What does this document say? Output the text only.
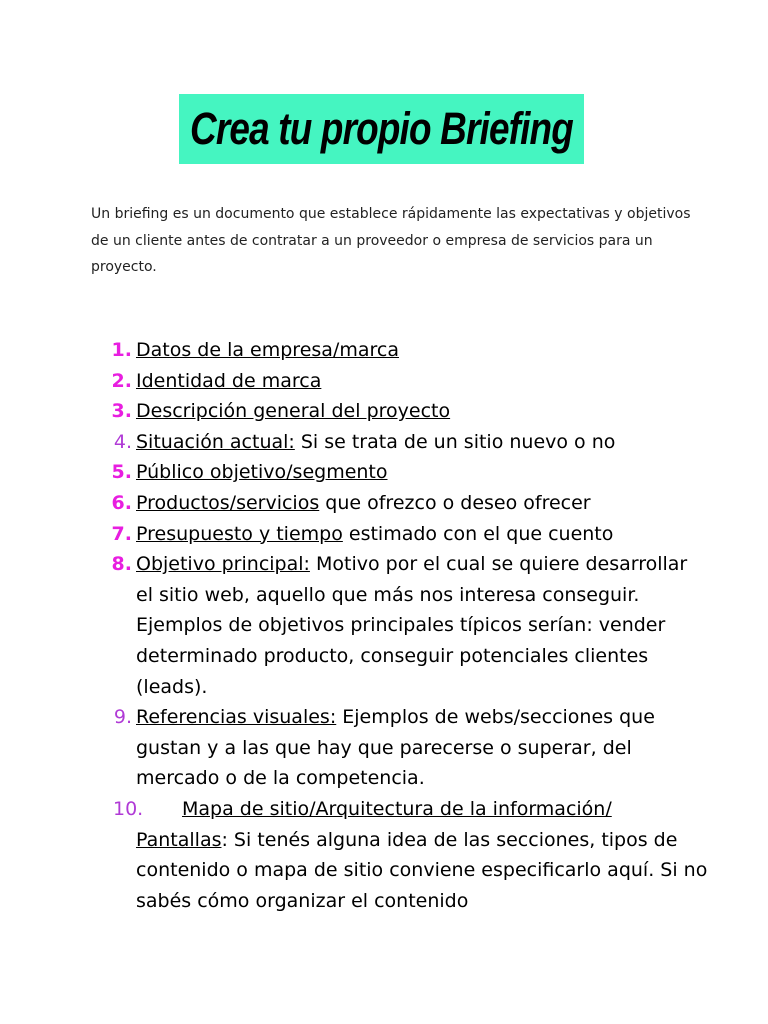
Crea tu propio Briefing

Un briefing es un documento que establece rápidamente las expectativas y objetivos de un cliente antes de contratar a un proveedor o empresa de servicios para un proyecto.

1. Datos de la empresa/marca
2. Identidad de marca
3. Descripción general del proyecto
4. Situación actual: Si se trata de un sitio nuevo o no
5. Público objetivo/segmento
6. Productos/servicios que ofrezco o deseo ofrecer
7. Presupuesto y tiempo estimado con el que cuento
8. Objetivo principal: Motivo por el cual se quiere desarrollar el sitio web, aquello que más nos interesa conseguir. Ejemplos de objetivos principales típicos serían: vender determinado producto, conseguir potenciales clientes (leads).
9. Referencias visuales: Ejemplos de webs/secciones que gustan y a las que hay que parecerse o superar, del mercado o de la competencia.
10. Mapa de sitio/Arquitectura de la información/ Pantallas: Si tenés alguna idea de las secciones, tipos de contenido o mapa de sitio conviene especificarlo aquí. Si no sabés cómo organizar el contenido
